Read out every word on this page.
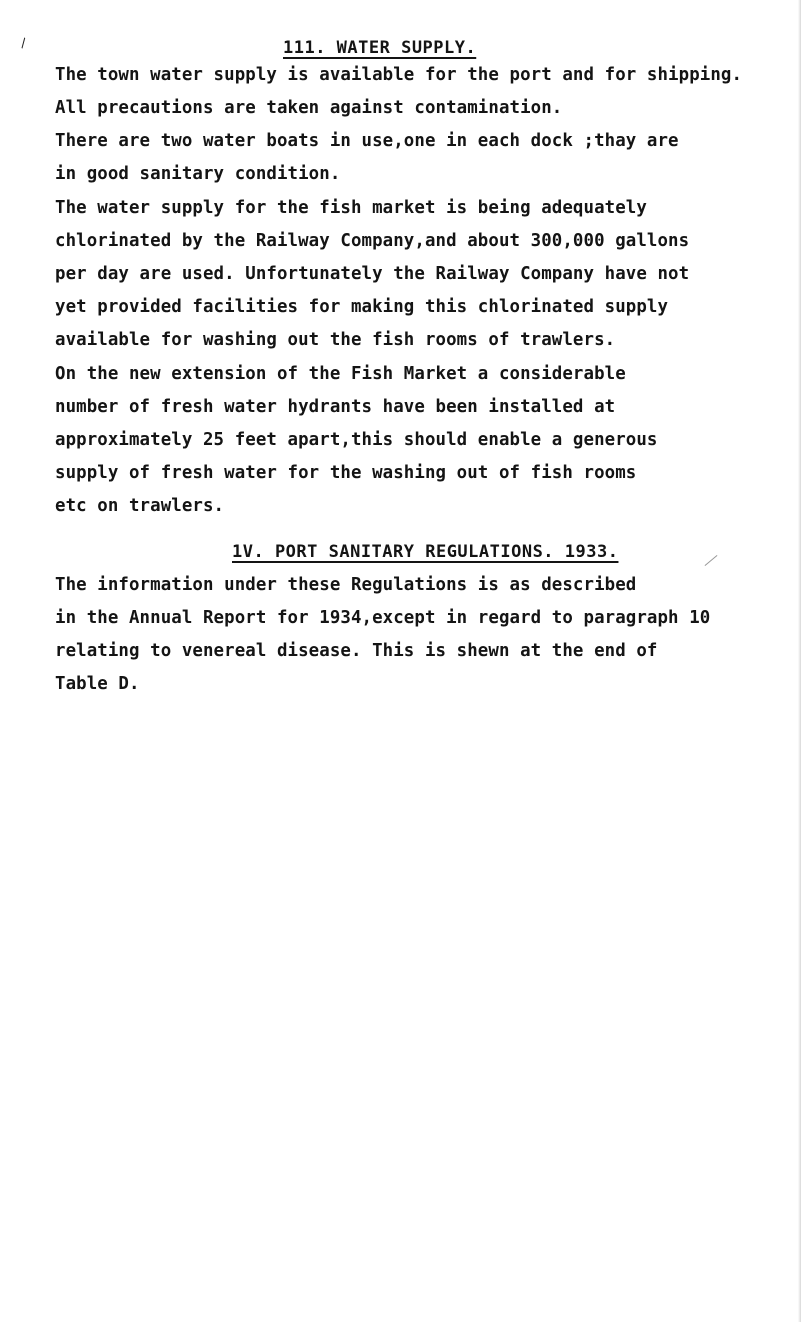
\	111. WATER SUPPLY.
The town water supply is available for the port and for shipping.
All precautions are taken against contamination.
There are two water boats in use,one in each dock ;thay are
in good sanitary condition.
The water supply for the fish market is being adequately
chlorinated by the Railway Company,and about 300,000 gallons
per day are used. Unfortunately the Railway Company have not
yet provided facilities for making this chlorinated supply
available for washing out the fish rooms of trawlers.
On the new extension of the Fish Market a considerable
number of fresh water hydrants have been installed at
approximately 25 feet apart,this should enable a generous
supply of fresh water for the washing out of fish rooms
etc on trawlers.
1V. PORT SANITARY REGULATIONS. 1933.
The information under these Regulations is as described
in the Annual Report for 1934,except in regard to paragraph 10
relating to venereal disease. This is shewn at the end of
Table D.
